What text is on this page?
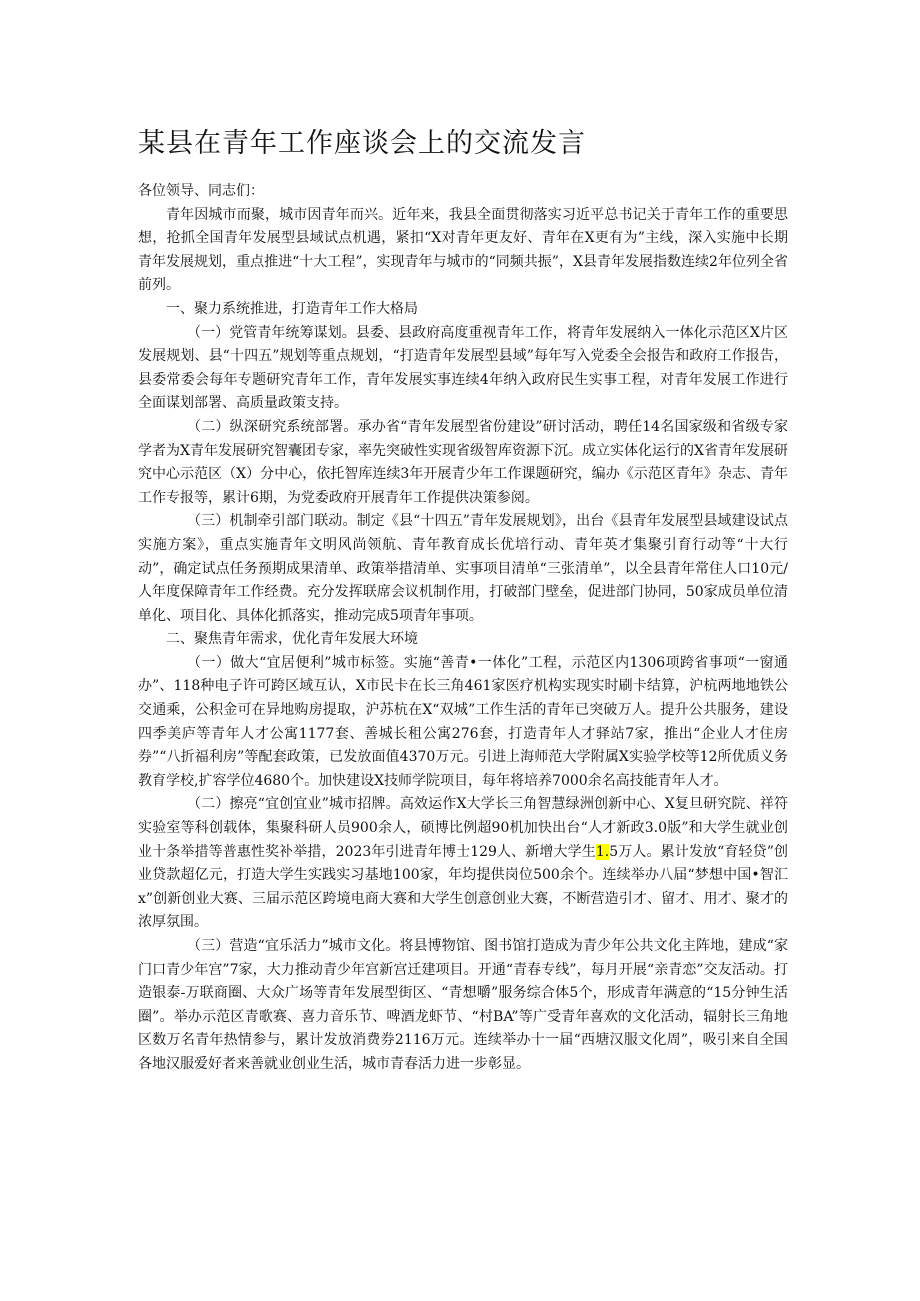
某县在青年工作座谈会上的交流发言

各位领导、同志们：

青年因城市而聚，城市因青年而兴。近年来，我县全面贯彻落实习近平总书记关于青年工作的重要思想，抢抓全国青年发展型县域试点机遇，紧扣“X对青年更友好、青年在X更有为”主线，深入实施中长期青年发展规划，重点推进“十大工程”，实现青年与城市的“同频共振”，X县青年发展指数连续2年位列全省前列。

一、聚力系统推进，打造青年工作大格局

（一）党管青年统筹谋划。县委、县政府高度重视青年工作，将青年发展纳入一体化示范区X片区发展规划、县“十四五”规划等重点规划，“打造青年发展型县域”每年写入党委全会报告和政府工作报告，县委常委会每年专题研究青年工作，青年发展实事连续4年纳入政府民生实事工程，对青年发展工作进行全面谋划部署、高质量政策支持。

（二）纵深研究系统部署。承办省“青年发展型省份建设”研讨活动，聘任14名国家级和省级专家学者为X青年发展研究智囊团专家，率先突破性实现省级智库资源下沉。成立实体化运行的X省青年发展研究中心示范区（X）分中心，依托智库连续3年开展青少年工作课题研究，编办《示范区青年》杂志、青年工作专报等，累计6期，为党委政府开展青年工作提供决策参阅。

（三）机制牵引部门联动。制定《县“十四五”青年发展规划》，出台《县青年发展型县域建设试点实施方案》，重点实施青年文明风尚领航、青年教育成长优培行动、青年英才集聚引育行动等“十大行动”，确定试点任务预期成果清单、政策举措清单、实事项目清单“三张清单”，以全县青年常住人口10元/人年度保障青年工作经费。充分发挥联席会议机制作用，打破部门壁垒，促进部门协同，50家成员单位清单化、项目化、具体化抓落实，推动完成5项青年事项。

二、聚焦青年需求，优化青年发展大环境

（一）做大“宜居便利”城市标签。实施“善青•一体化”工程，示范区内1306项跨省事项“一窗通办”、118种电子许可跨区域互认，X市民卡在长三角461家医疗机构实现实时刷卡结算，沪杭两地地铁公交通乘，公积金可在异地购房提取，沪苏杭在X“双城”工作生活的青年已突破万人。提升公共服务，建设四季美庐等青年人才公寓1177套、善城长租公寓276套，打造青年人才驿站7家，推出“企业人才住房券”“八折福利房”等配套政策，已发放面值4370万元。引进上海师范大学附属X实验学校等12所优质义务教育学校,扩容学位4680个。加快建设X技师学院项目，每年将培养7000余名高技能青年人才。

（二）擦亮“宜创宜业”城市招牌。高效运作X大学长三角智慧绿洲创新中心、X复旦研究院、祥符实验室等科创载体，集聚科研人员900余人，硕博比例超90机加快出台“人才新政3.0版”和大学生就业创业十条举措等普惠性奖补举措，2023年引进青年博士129人、新增大学生1.5万人。累计发放“育轻贷”创业贷款超亿元，打造大学生实践实习基地100家，年均提供岗位500余个。连续举办八届“梦想中国•智汇x”创新创业大赛、三届示范区跨境电商大赛和大学生创意创业大赛，不断营造引才、留才、用才、聚才的浓厚氛围。

（三）营造“宜乐活力”城市文化。将县博物馆、图书馆打造成为青少年公共文化主阵地，建成“家门口青少年宫”7家，大力推动青少年宫新宫迁建项目。开通“青春专线”，每月开展“亲青恋”交友活动。打造银泰-万联商圈、大众广场等青年发展型街区、“青想嚼”服务综合体5个，形成青年满意的“15分钟生活圈”。举办示范区青歌赛、喜力音乐节、啤酒龙虾节、“村BA”等广受青年喜欢的文化活动，辐射长三角地区数万名青年热情参与，累计发放消费券2116万元。连续举办十一届“西塘汉服文化周”，吸引来自全国各地汉服爱好者来善就业创业生活，城市青春活力进一步彰显。
